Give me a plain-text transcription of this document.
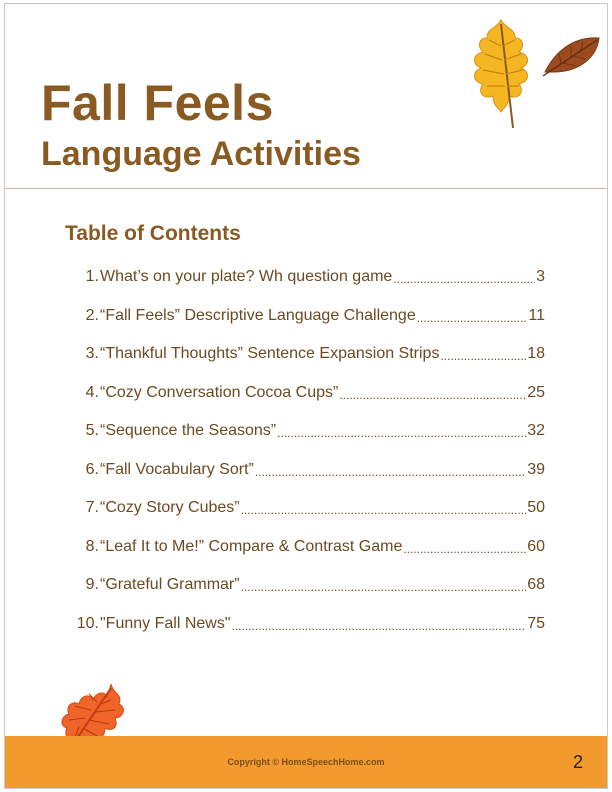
Fall Feels
Language Activities
Table of Contents
1. What’s on your plate? Wh question game .....	3
2. “Fall Feels” Descriptive Language Challenge .....	11
3. “Thankful Thoughts” Sentence Expansion Strips .....	18
4. “Cozy Conversation Cocoa Cups” .....	25
5. “Sequence the Seasons” .....	32
6. “Fall Vocabulary Sort” .....	39
7. “Cozy Story Cubes” .....	50
8. “Leaf It to Me!” Compare & Contrast Game .....	60
9. “Grateful Grammar” .....	68
10. "Funny Fall News" .....	75
Copyright © HomeSpeechHome.com	2
